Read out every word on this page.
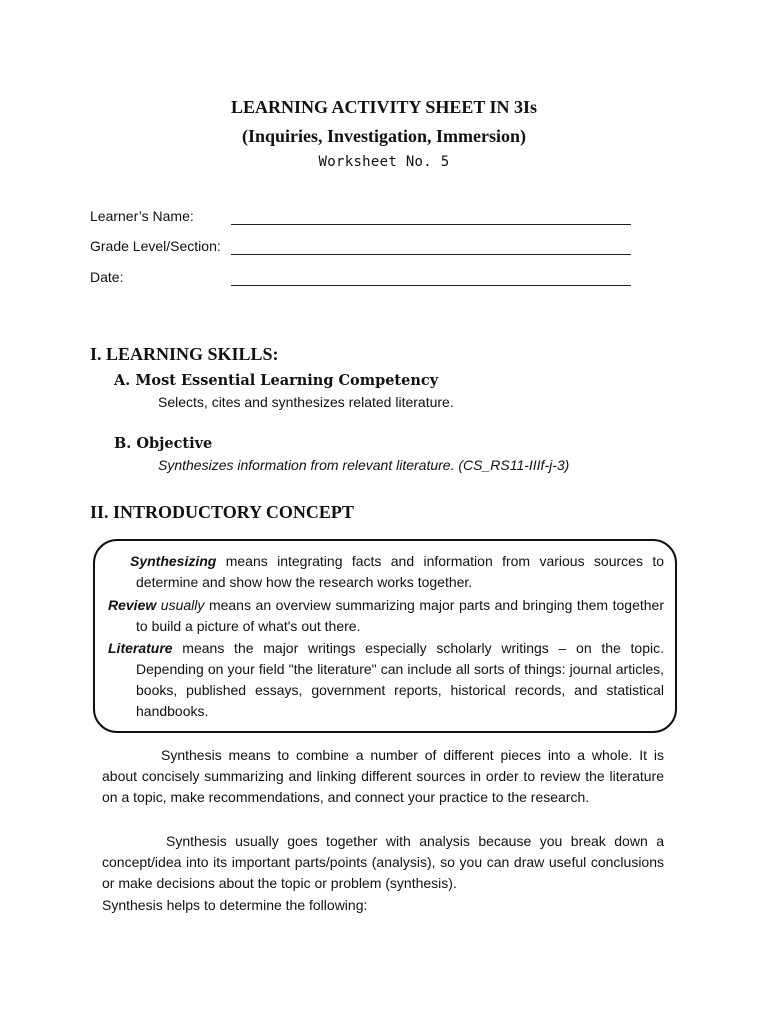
LEARNING ACTIVITY SHEET IN 3Is
(Inquiries, Investigation, Immersion)
Worksheet No. 5
Learner’s Name:
Grade Level/Section:
Date:
I. LEARNING SKILLS:
A. Most Essential Learning Competency
Selects, cites and synthesizes related literature.
B. Objective
Synthesizes information from relevant literature. (CS_RS11-IIIf-j-3)
II. INTRODUCTORY CONCEPT
Synthesizing means integrating facts and information from various sources to determine and show how the research works together.
Review usually means an overview summarizing major parts and bringing them together to build a picture of what's out there.
Literature means the major writings especially scholarly writings – on the topic. Depending on your field "the literature" can include all sorts of things: journal articles, books, published essays, government reports, historical records, and statistical handbooks.
Synthesis means to combine a number of different pieces into a whole. It is about concisely summarizing and linking different sources in order to review the literature on a topic, make recommendations, and connect your practice to the research.
Synthesis usually goes together with analysis because you break down a concept/idea into its important parts/points (analysis), so you can draw useful conclusions or make decisions about the topic or problem (synthesis).
Synthesis helps to determine the following:
